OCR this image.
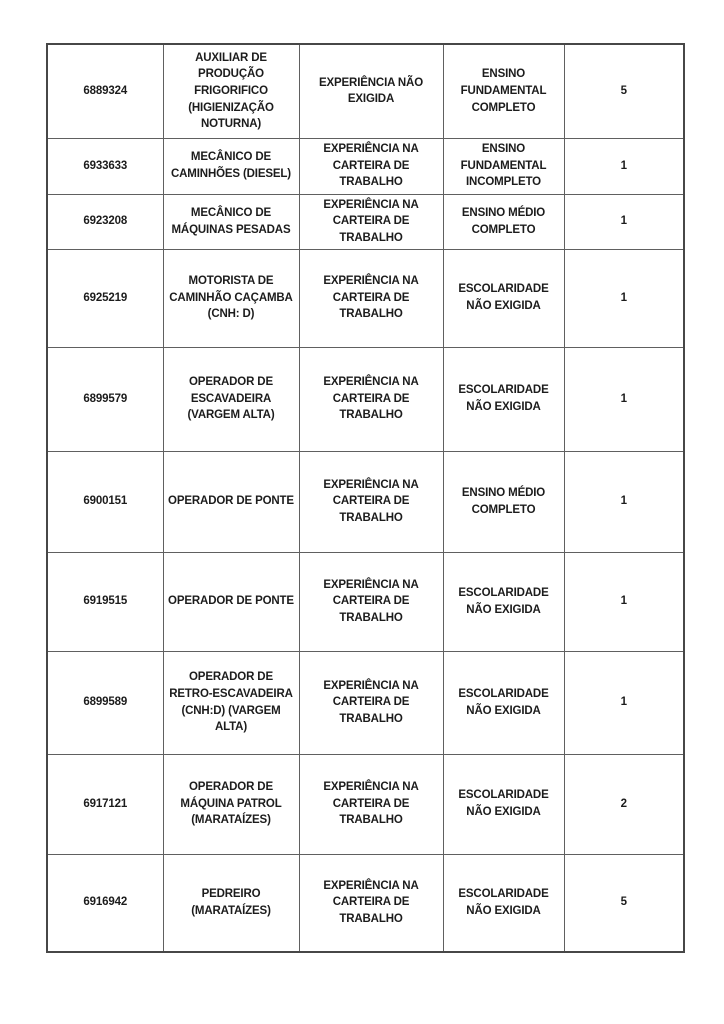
6889324	AUXILIAR DE PRODUÇÃO FRIGORIFICO (HIGIENIZAÇÃO NOTURNA)	EXPERIÊNCIA NÃO EXIGIDA	ENSINO FUNDAMENTAL COMPLETO	5
6933633	MECÂNICO DE CAMINHÕES (DIESEL)	EXPERIÊNCIA NA CARTEIRA DE TRABALHO	ENSINO FUNDAMENTAL INCOMPLETO	1
6923208	MECÂNICO DE MÁQUINAS PESADAS	EXPERIÊNCIA NA CARTEIRA DE TRABALHO	ENSINO MÉDIO COMPLETO	1
6925219	MOTORISTA DE CAMINHÃO CAÇAMBA (CNH: D)	EXPERIÊNCIA NA CARTEIRA DE TRABALHO	ESCOLARIDADE NÃO EXIGIDA	1
6899579	OPERADOR DE ESCAVADEIRA (VARGEM ALTA)	EXPERIÊNCIA NA CARTEIRA DE TRABALHO	ESCOLARIDADE NÃO EXIGIDA	1
6900151	OPERADOR DE PONTE	EXPERIÊNCIA NA CARTEIRA DE TRABALHO	ENSINO MÉDIO COMPLETO	1
6919515	OPERADOR DE PONTE	EXPERIÊNCIA NA CARTEIRA DE TRABALHO	ESCOLARIDADE NÃO EXIGIDA	1
6899589	OPERADOR DE RETRO-ESCAVADEIRA (CNH:D) (VARGEM ALTA)	EXPERIÊNCIA NA CARTEIRA DE TRABALHO	ESCOLARIDADE NÃO EXIGIDA	1
6917121	OPERADOR DE MÁQUINA PATROL (MARATAÍZES)	EXPERIÊNCIA NA CARTEIRA DE TRABALHO	ESCOLARIDADE NÃO EXIGIDA	2
6916942	PEDREIRO (MARATAÍZES)	EXPERIÊNCIA NA CARTEIRA DE TRABALHO	ESCOLARIDADE NÃO EXIGIDA	5
